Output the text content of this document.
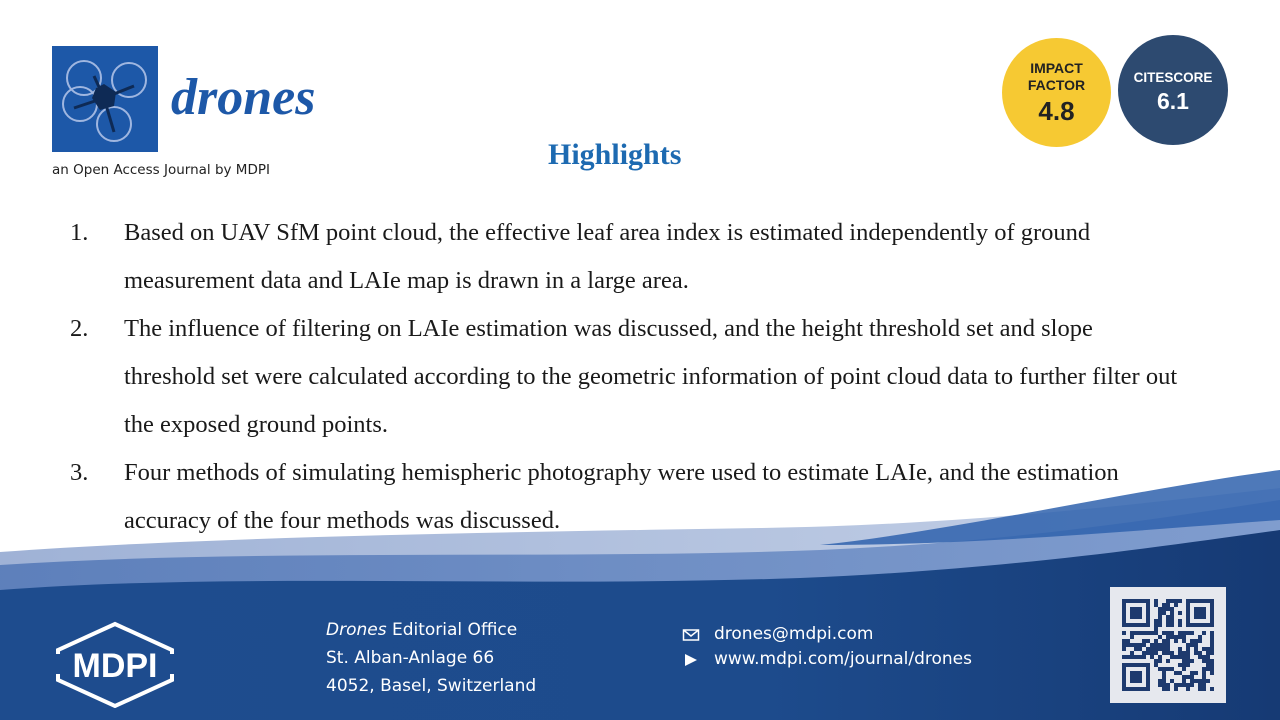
drones
an Open Access Journal by MDPI
IMPACT
FACTOR
4.8
CITESCORE
6.1
Highlights
1. Based on UAV SfM point cloud, the effective leaf area index is estimated independently of ground measurement data and LAIe map is drawn in a large area.
2. The influence of filtering on LAIe estimation was discussed, and the height threshold set and slope threshold set were calculated according to the geometric information of point cloud data to further filter out the exposed ground points.
3. Four methods of simulating hemispheric photography were used to estimate LAIe, and the estimation accuracy of the four methods was discussed.
MDPI
Drones Editorial Office
St. Alban-Anlage 66
4052, Basel, Switzerland
drones@mdpi.com
www.mdpi.com/journal/drones
